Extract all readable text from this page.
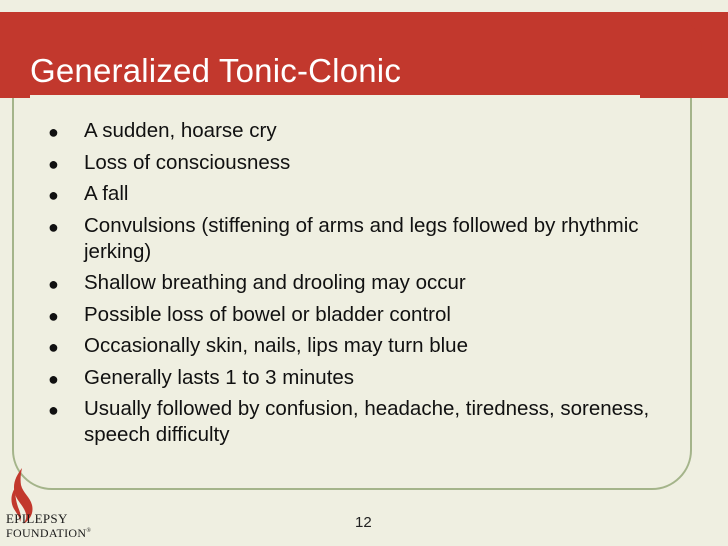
Generalized Tonic-Clonic
● A sudden, hoarse cry
● Loss of consciousness
● A fall
● Convulsions (stiffening of arms and legs followed by rhythmic jerking)
● Shallow breathing and drooling may occur
● Possible loss of bowel or bladder control
● Occasionally skin, nails, lips may turn blue
● Generally lasts 1 to 3 minutes
● Usually followed by confusion, headache, tiredness, soreness, speech difficulty
12
EPILEPSY
FOUNDATION®
